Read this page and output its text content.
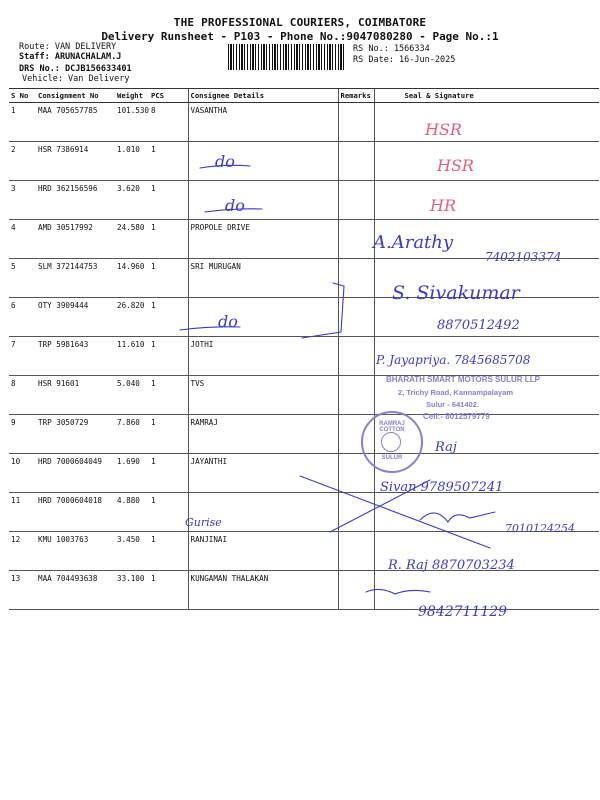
THE PROFESSIONAL COURIERS, COIMBATORE
Delivery Runsheet - P103 - Phone No.:9047080280 - Page No.:1
Route: VAN DELIVERY
Staff: ARUNACHALAM.J
DRS No.: DCJB156633401
Vehicle: Van Delivery
RS No.: 1566334
RS Date: 16-Jun-2025
S No	Consignment No	Weight	PCS	Consignee Details	Remarks	Seal & Signature
1	MAA 705657785	101.530	8	VASANTHA		
2	HSR 7386914	1.010	1			
3	HRD 362156596	3.620	1			
4	AMD 30517992	24.580	1	PROPOLE DRIVE		
5	SLM 372144753	14.960	1	SRI MURUGAN		
6	OTY 3909444	26.820	1			
7	TRP 5981643	11.610	1	JOTHI		
8	HSR 91601	5.040	1	TVS		
9	TRP 3050729	7.860	1	RAMRAJ		
10	HRD 7000604049	1.690	1	JAYANTHI		
11	HRD 7000604018	4.880	1			
12	KMU 1003763	3.450	1	RANJINAI		
13	MAA 704493638	33.100	1	KUNGAMAN THALAKAN		
do
do
do
Gurise
HSR
HSR
HR
A.Arathy
7402103374
S. Sivakumar
8870512492
P. Jayapriya. 7845685708
BHARATH SMART MOTORS SULUR LLP
2, Trichy Road, Kannampalayam
Sulur - 641402.
Cell:- 8012579779
RAMRAJ COTTON
SULUR
Raj
Sivan 9789507241
7010124254
R. Raj 8870703234
9842711129
